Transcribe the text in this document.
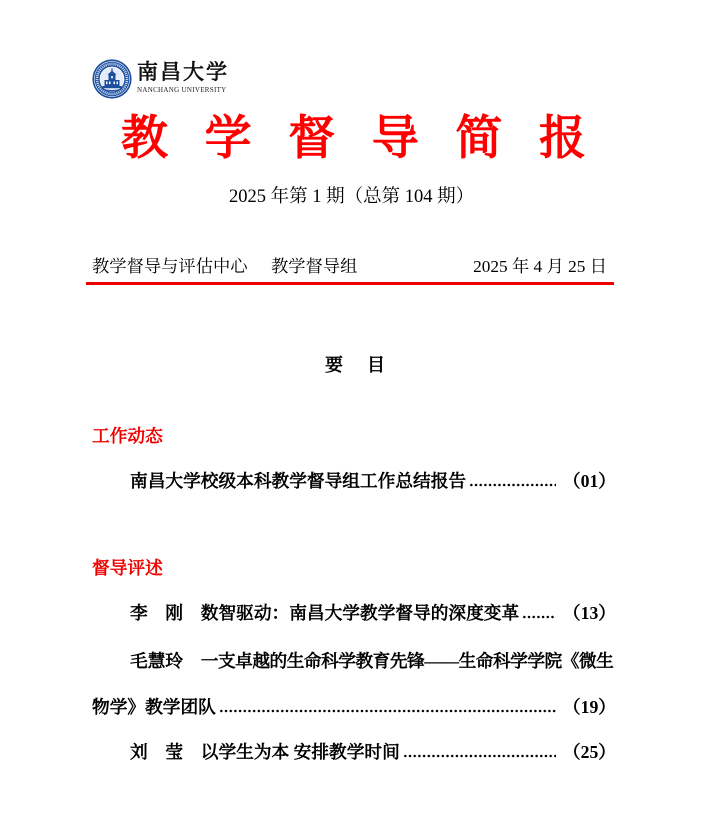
南昌大学
NANCHANG UNIVERSITY
教学督导简报
2025 年第 1 期（总第 104 期）
教学督导与评估中心 教学督导组	2025 年 4 月 25 日
要目
工作动态
南昌大学校级本科教学督导组工作总结报告	（01）
督导评述
李　刚 数智驱动：南昌大学教学督导的深度变革 （13）
毛慧玲 一支卓越的生命科学教育先锋——生命科学学院《微生
物学》教学团队	（19）
刘　莹 以学生为本 安排教学时间	（25）
